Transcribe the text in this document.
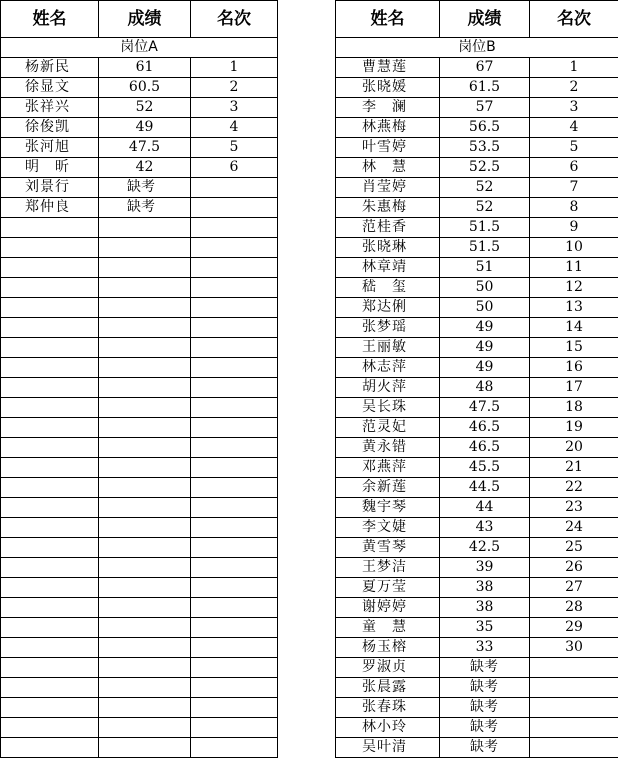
姓名	成绩	名次
岗位A		
杨新民	61	1
徐显文	60.5	2
张祥兴	52	3
徐俊凯	49	4
张河旭	47.5	5
明　昕	42	6
刘景行	缺考	
郑仲良	缺考	

姓名	成绩	名次
岗位B		
曹慧莲	67	1
张晓媛	61.5	2
李　澜	57	3
林燕梅	56.5	4
叶雪婷	53.5	5
林　慧	52.5	6
肖莹婷	52	7
朱惠梅	52	8
范桂香	51.5	9
张晓琳	51.5	10
林章靖	51	11
嵇　玺	50	12
郑达俐	50	13
张梦瑶	49	14
王丽敏	49	15
林志萍	49	16
胡火萍	48	17
吴长珠	47.5	18
范灵妃	46.5	19
黄永错	46.5	20
邓燕萍	45.5	21
余新莲	44.5	22
魏宇琴	44	23
李文婕	43	24
黄雪琴	42.5	25
王梦洁	39	26
夏万莹	38	27
谢婷婷	38	28
童　慧	35	29
杨玉榕	33	30
罗淑贞	缺考	
张晨露	缺考	
张春珠	缺考	
林小玲	缺考	
吴叶清	缺考	
